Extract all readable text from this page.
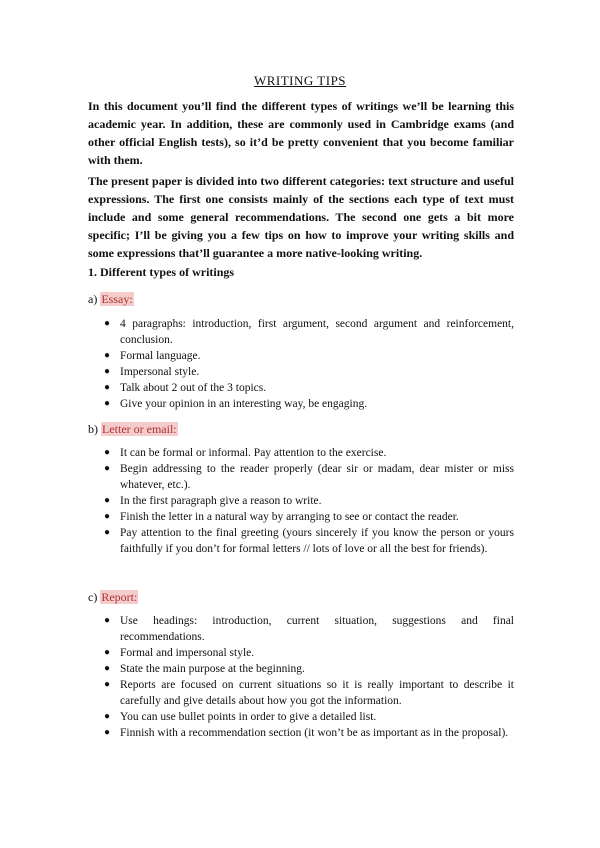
WRITING TIPS

In this document you’ll find the different types of writings we’ll be learning this academic year. In addition, these are commonly used in Cambridge exams (and other official English tests), so it’d be pretty convenient that you become familiar with them.

The present paper is divided into two different categories: text structure and useful expressions. The first one consists mainly of the sections each type of text must include and some general recommendations. The second one gets a bit more specific; I’ll be giving you a few tips on how to improve your writing skills and some expressions that’ll guarantee a more native-looking writing.

1. Different types of writings

a) Essay:

● 4 paragraphs: introduction, first argument, second argument and reinforcement, conclusion.
● Formal language.
● Impersonal style.
● Talk about 2 out of the 3 topics.
● Give your opinion in an interesting way, be engaging.

b) Letter or email:

● It can be formal or informal. Pay attention to the exercise.
● Begin addressing to the reader properly (dear sir or madam, dear mister or miss whatever, etc.).
● In the first paragraph give a reason to write.
● Finish the letter in a natural way by arranging to see or contact the reader.
● Pay attention to the final greeting (yours sincerely if you know the person or yours faithfully if you don’t for formal letters // lots of love or all the best for friends).

c) Report:

● Use headings: introduction, current situation, suggestions and final recommendations.
● Formal and impersonal style.
● State the main purpose at the beginning.
● Reports are focused on current situations so it is really important to describe it carefully and give details about how you got the information.
● You can use bullet points in order to give a detailed list.
● Finnish with a recommendation section (it won’t be as important as in the proposal).
